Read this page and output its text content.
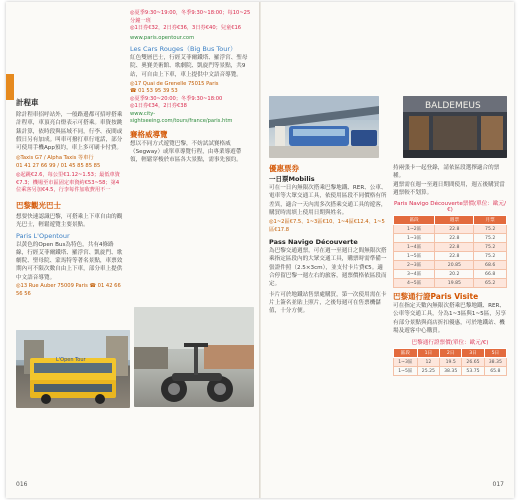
計程車
除計程車招呼站外，一般路邊都可招呼搭乘計程車，車頂亮白燈表示可搭乘。車資按跳錶計算，依時段與區域不同，行李、夜間或假日另有加成。叫車可撥打車行電話，部分可使用手機App預約，車上多可刷卡付費。
◎Taxis G7 / Alpha Taxis 等車行
01 41 27 66 99 / 01 45 85 85 85
◎起跳€2.6，每公里€1.12~1.53；最低車資€7.3；機場至市區固定車資約€53~58；第4位乘客另加€4.5，行李每件加收費用不一
巴黎觀光巴士
想要快速認識巴黎，可搭乘上下車自由的觀光巴士，輕鬆遊覽主要景點。
Paris L'Opentour
以黃色的Open Bus為特色，共有4條路線，行經艾菲爾鐵塔、羅浮宮、凱旋門、歌劇院、聖母院、蒙馬特等著名景點，車票效期內可不限次數自由上下車，部分車上提供中文語音導覽。
◎13 Rue Auber 75009 Paris ☎ 01 42 66 56 56
◎夏季9:30~19:00，冬季9:30~18:00；每10~25分鐘一班
◎1日券€32，2日券€36，3日券€40；兒童€16
www.paris.opentour.com
Les Cars Rouges（Big Bus Tour）
紅色雙層巴士，行經艾菲爾鐵塔、羅浮宮、聖母院、奧賽美術館、歌劇院、凱旋門等景點，共9站，可自由上下車，車上提供中文語音導覽。
◎17 Quai de Grenelle 75015 Paris
☎ 01 53 95 39 53
◎夏季9:30~20:00；冬季9:30~18:00
◎1日券€34，2日券€38
www.city-sightseeing.com/tours/france/paris.htm
賽格威導覽
想以不同方式遊覽巴黎，不妨試試賽格威（Segway）或單車導覽行程，由專業導遊帶領，輕鬆穿梭於市區各大景點，需事先預約。
L'Open Tour
016
BALDEMEUS
優惠票券
一日票Mobilis
可在一日內無限次搭乘巴黎地鐵、RER、公車、電車等大眾交通工具，依使用區段不同價格有所差異，適合一天內需多次搭乘交通工具的遊客，購買時需填上使用日期與姓名。
◎1~2區€7.5、1~3區€10、1~4區€12.4、1~5區€17.8
Pass Navigo Découverte
為巴黎交通週票，可在週一至週日之間無限次搭乘指定區段內的大眾交通工具，購票時需準備一張證件照（2.5×3cm），並支付卡片費€5。適合停留巴黎一週左右的旅客，週票價格依區段而定。
卡片可於地鐵站售票處購買，第一次使用需在卡片上簽名並貼上照片，之後每週可在售票機儲值，十分方便。
持兩張卡一起登錄，請依區段選擇適合的票種。
週票需在週一至週日期間使用，週五後購買當週票較不划算。
Paris Navigo Découverte票價(單位：歐元/€)
區段	週票	月票
1~2區	22.8	75.2
1~3區	22.8	75.2
1~4區	22.8	75.2
1~5區	22.8	75.2
2~3區	20.85	68.6
3~4區	20.2	66.8
4~5區	19.85	65.2
巴黎通行證Paris Visite
可在指定天數內無限次搭乘巴黎地鐵、RER、公車等交通工具，分為1~3區與1~5區，另享有部分景點與商店折扣優惠，可於地鐵站、機場及遊客中心購買。
巴黎通行證票價(單位：歐元/€)
區段	1日	2日	3日	5日
1~3區	12	19.5	26.65	38.35
1~5區	25.25	38.35	53.75	65.8
017
